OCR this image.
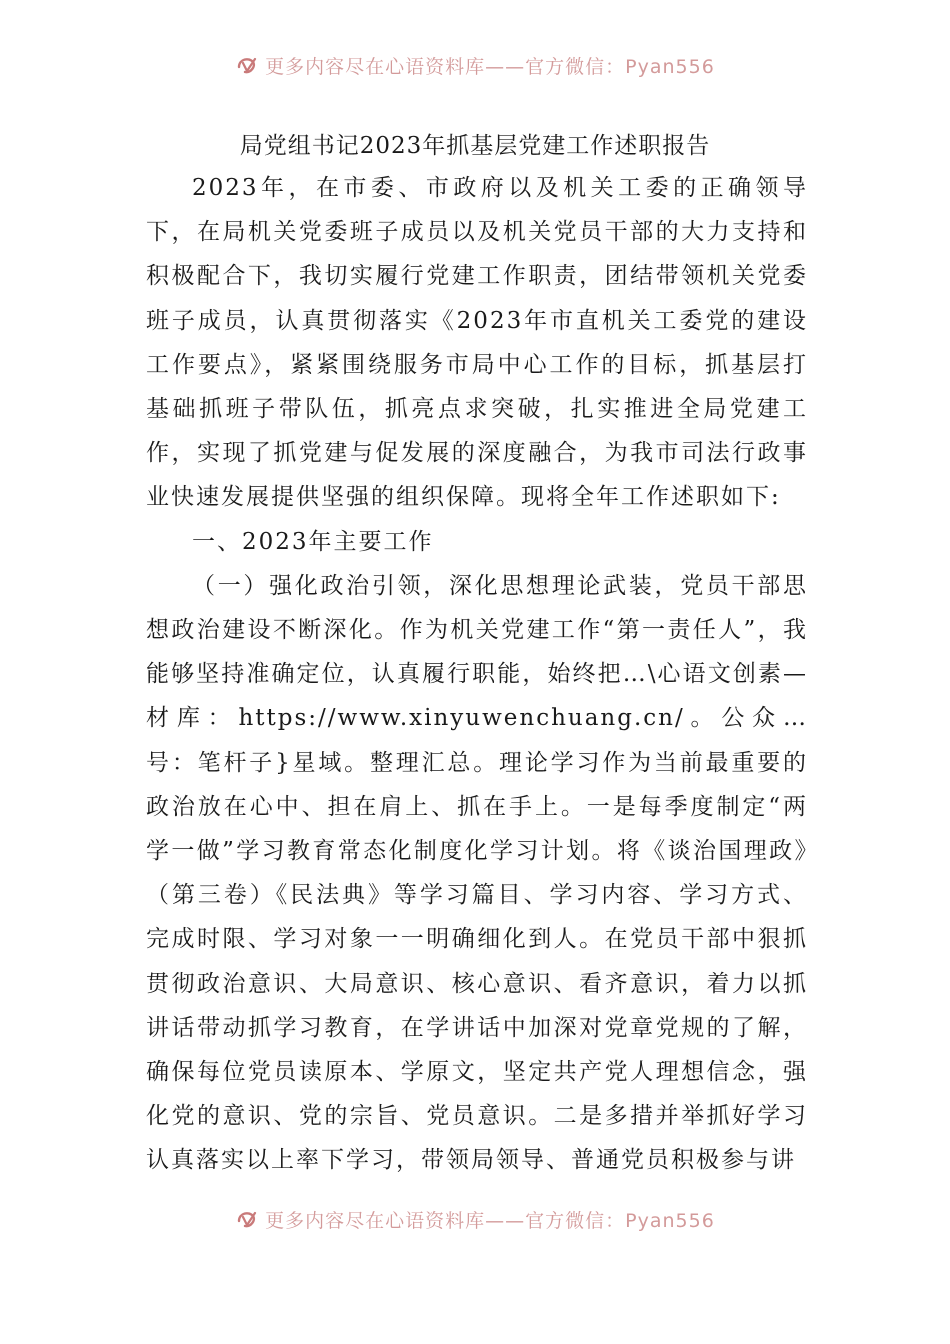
更多内容尽在心语资料库——官方微信：Pyan556
局党组书记2023年抓基层党建工作述职报告

2023年，在市委、市政府以及机关工委的正确领导下，在局机关党委班子成员以及机关党员干部的大力支持和积极配合下，我切实履行党建工作职责，团结带领机关党委班子成员，认真贯彻落实《2023年市直机关工委党的建设工作要点》，紧紧围绕服务市局中心工作的目标，抓基层打基础抓班子带队伍，抓亮点求突破，扎实推进全局党建工作，实现了抓党建与促发展的深度融合，为我市司法行政事业快速发展提供坚强的组织保障。现将全年工作述职如下:

一、2023年主要工作

（一）强化政治引领，深化思想理论武装，党员干部思想政治建设不断深化。作为机关党建工作“第一责任人”，我能够坚持准确定位，认真履行职能，始终把…\心语文创素—材库：https://www.xinyuwenchuang.cn/。公众…号：笔杆子}星域。整理汇总。理论学习作为当前最重要的政治放在心中、担在肩上、抓在手上。一是每季度制定“两学一做”学习教育常态化制度化学习计划。将《谈治国理政》（第三卷）《民法典》等学习篇目、学习内容、学习方式、完成时限、学习对象一一明确细化到人。在党员干部中狠抓贯彻政治意识、大局意识、核心意识、看齐意识，着力以抓讲话带动抓学习教育，在学讲话中加深对党章党规的了解，确保每位党员读原本、学原文，坚定共产党人理想信念，强化党的意识、党的宗旨、党员意识。二是多措并举抓好学习认真落实以上率下学习，带领局领导、普通党员积极参与讲

更多内容尽在心语资料库——官方微信：Pyan556
